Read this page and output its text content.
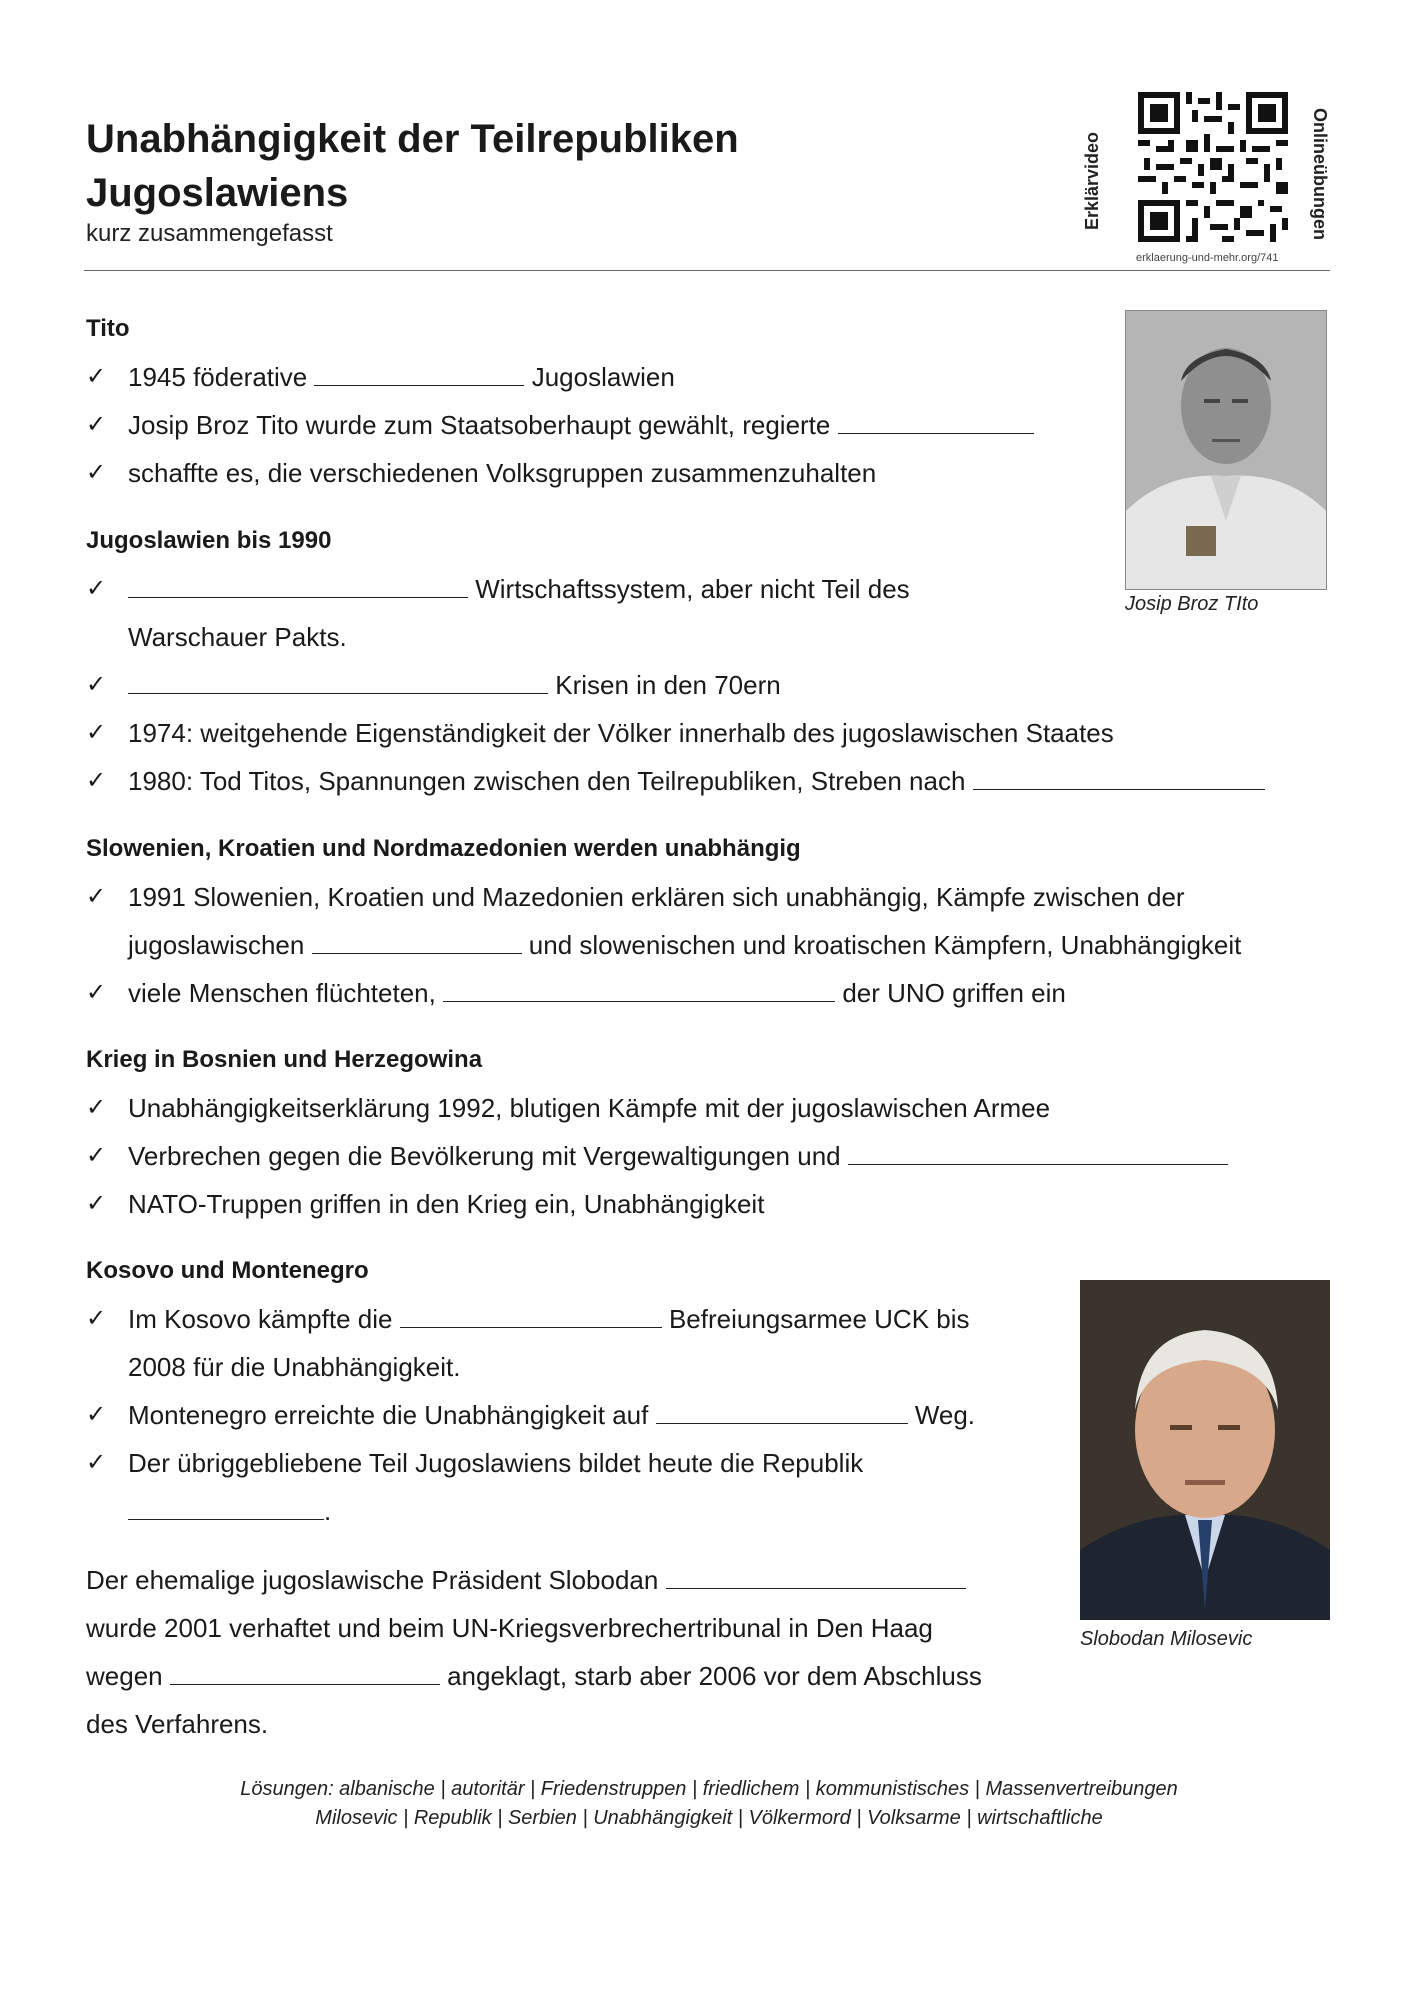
Unabhängigkeit der Teilrepubliken
Jugoslawiens
kurz zusammengefasst
Erklärvideo	Onlineübungen
erklaerung-und-mehr.org/741
Josip Broz TIto
Slobodan Milosevic
Tito
✓ 1945 föderative	Jugoslawien
✓ Josip Broz Tito wurde zum Staatsoberhaupt gewählt, regierte
✓ schaffte es, die verschiedenen Volksgruppen zusammenzuhalten
Jugoslawien bis 1990
✓	Wirtschaftssystem, aber nicht Teil des
Warschauer Pakts.
✓	Krisen in den 70ern
✓ 1974: weitgehende Eigenständigkeit der Völker innerhalb des jugoslawischen Staates
✓ 1980: Tod Titos, Spannungen zwischen den Teilrepubliken, Streben nach
Slowenien, Kroatien und Nordmazedonien werden unabhängig
✓ 1991 Slowenien, Kroatien und Mazedonien erklären sich unabhängig, Kämpfe zwischen der
jugoslawischen	und slowenischen und kroatischen Kämpfern, Unabhängigkeit
✓ viele Menschen flüchteten,	der UNO griffen ein
Krieg in Bosnien und Herzegowina
✓ Unabhängigkeitserklärung 1992, blutigen Kämpfe mit der jugoslawischen Armee
✓ Verbrechen gegen die Bevölkerung mit Vergewaltigungen und
✓ NATO-Truppen griffen in den Krieg ein, Unabhängigkeit
Kosovo und Montenegro
✓ Im Kosovo kämpfte die	Befreiungsarmee UCK bis
2008 für die Unabhängigkeit.
✓ Montenegro erreichte die Unabhängigkeit auf	Weg.
✓ Der übriggebliebene Teil Jugoslawiens bildet heute die Republik
.
Der ehemalige jugoslawische Präsident Slobodan
wurde 2001 verhaftet und beim UN-Kriegsverbrechertribunal in Den Haag
wegen	angeklagt, starb aber 2006 vor dem Abschluss
des Verfahrens.
Lösungen: albanische | autoritär | Friedenstruppen | friedlichem | kommunistisches | Massenvertreibungen
Milosevic | Republik | Serbien | Unabhängigkeit | Völkermord | Volksarme | wirtschaftliche
